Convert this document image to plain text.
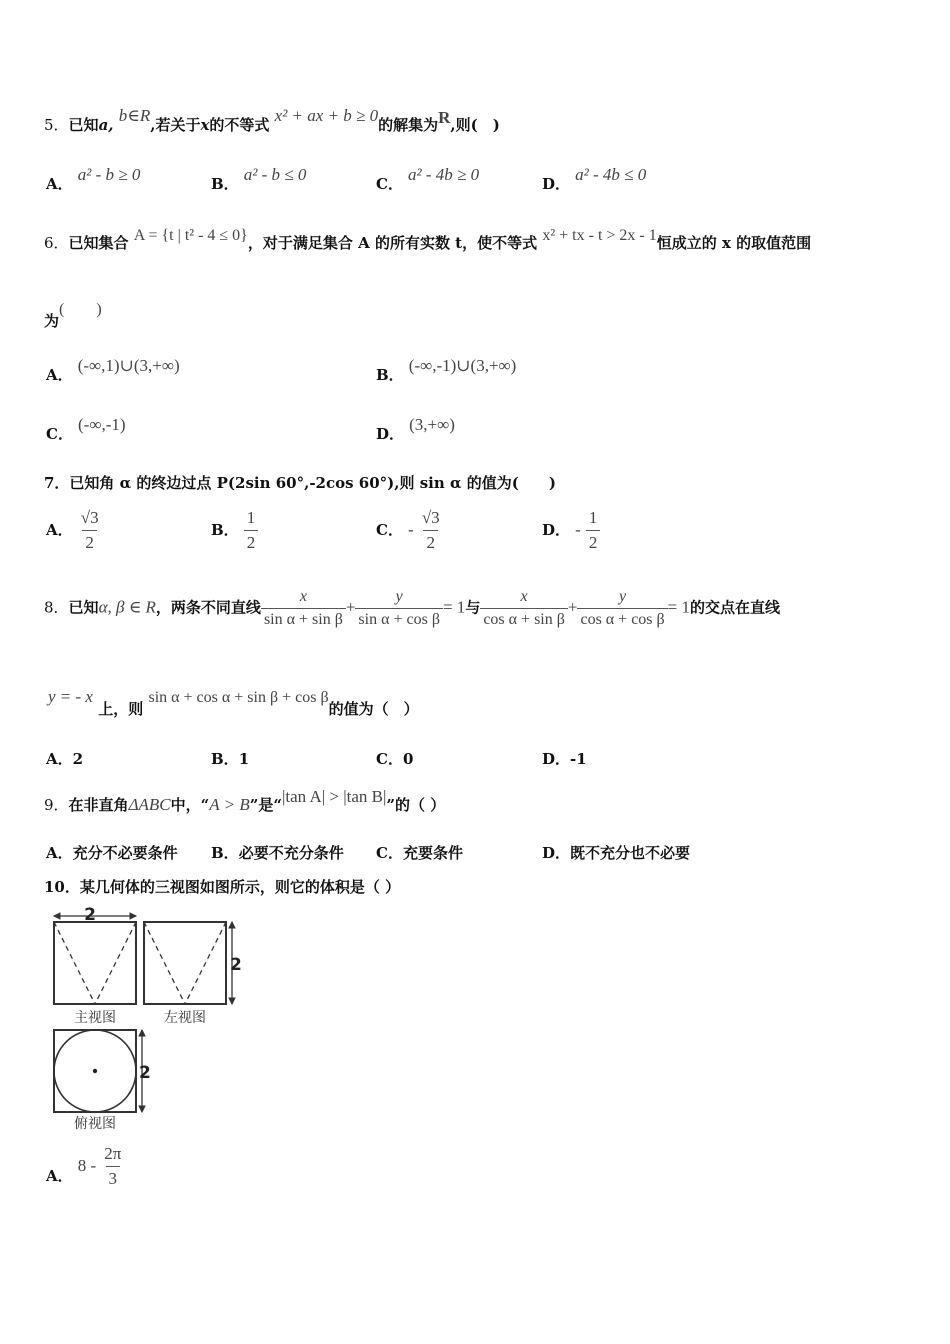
5．已知a, b∈R,若关于x的不等式 x² + ax + b ≥ 0的解集为R,则(　)
A． a² - b ≥ 0	B． a² - b ≤ 0	C． a² - 4b ≥ 0	D． a² - 4b ≤ 0
6．已知集合 A = {t | t² - 4 ≤ 0}，对于满足集合 A 的所有实数 t，使不等式 x² + tx - t > 2x - 1恒成立的 x 的取值范围
为(　　)
A． (-∞,1)∪(3,+∞)	B． (-∞,-1)∪(3,+∞)
C． (-∞,-1)	D． (3,+∞)
7．已知角 α 的终边过点 P(2sin 60°,-2cos 60°),则 sin α 的值为(　　)
A． $\frac{√3}{2}$	B． $\frac{1}{2}$	C． - $\frac{√3}{2}$	D． - $\frac{1}{2}$
8．已知α, β ∈ R，两条不同直线 $\frac{x}{\text{sin α + sin β}} + \frac{y}{\text{sin α + cos β}} = 1$与 $\frac{x}{\text{cos α + sin β}} + \frac{y}{\text{cos α + cos β}} = 1$的交点在直线
y = - x 上，则 sin α + cos α + sin β + cos β的值为（　）
A．2	B．1	C．0	D．-1
9．在非直角ΔABC中，“A > B”是“|tan A| > |tan B|”的（ ）
A．充分不必要条件 B．必要不充分条件 C．充要条件	D．既不充分也不必要
10．某几何体的三视图如图所示，则它的体积是（ ）
2
主视图
2
左视图
2
俯视图
A． $8 - \frac{2\pi}{3}$
